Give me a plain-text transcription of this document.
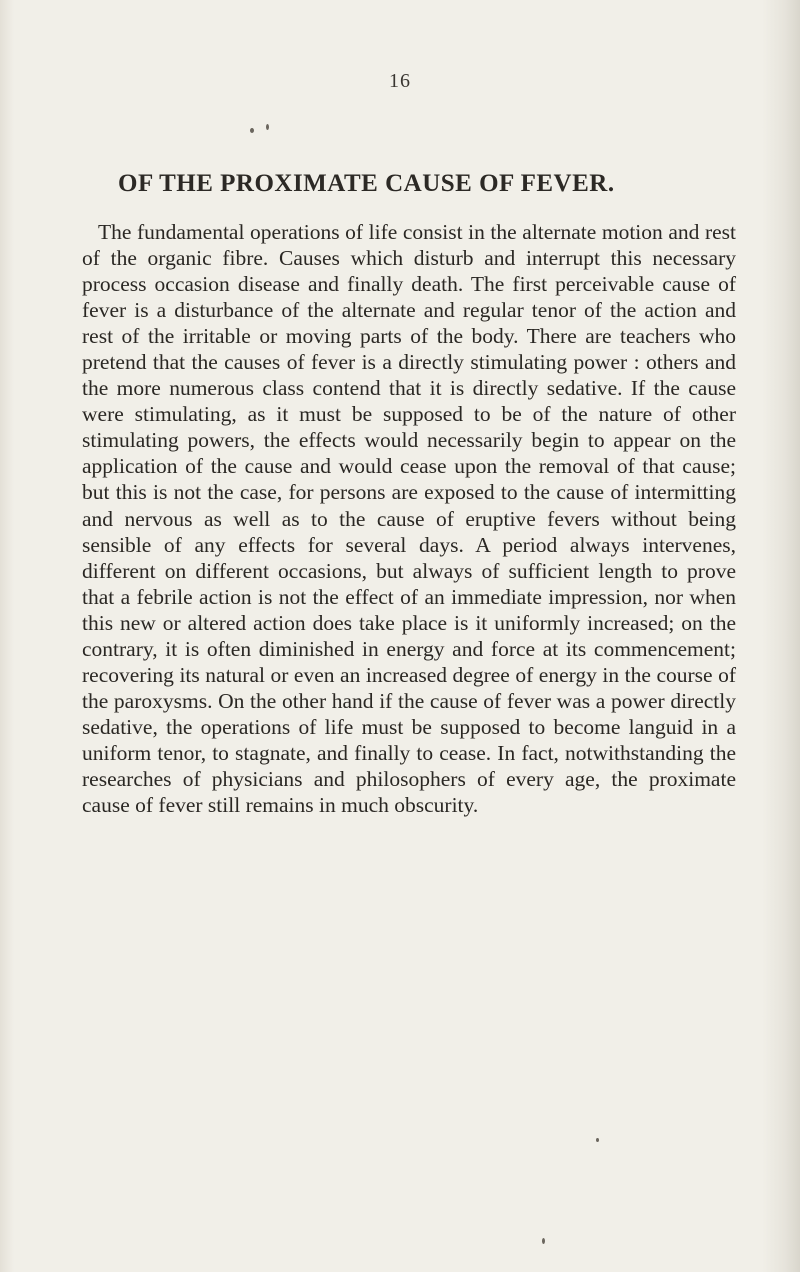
16
OF THE PROXIMATE CAUSE OF FEVER.

The fundamental operations of life consist in the alternate motion and rest of the organic fibre. Causes which disturb and interrupt this necessary process occasion disease and finally death. The first perceivable cause of fever is a disturbance of the alternate and regular tenor of the action and rest of the irritable or moving parts of the body. There are teachers who pretend that the causes of fever is a directly stimulating power : others and the more numerous class contend that it is directly sedative. If the cause were stimulating, as it must be supposed to be of the nature of other stimulating powers, the effects would necessarily begin to appear on the application of the cause and would cease upon the removal of that cause; but this is not the case, for persons are exposed to the cause of intermitting and nervous as well as to the cause of eruptive fevers without being sensible of any effects for several days. A period always intervenes, different on different occasions, but always of sufficient length to prove that a febrile action is not the effect of an immediate impression, nor when this new or altered action does take place is it uniformly increased; on the contrary, it is often diminished in energy and force at its commencement; recovering its natural or even an increased degree of energy in the course of the paroxysms. On the other hand if the cause of fever was a power directly sedative, the operations of life must be supposed to become languid in a uniform tenor, to stagnate, and finally to cease. In fact, notwithstanding the researches of physicians and philosophers of every age, the proximate cause of fever still remains in much obscurity.
